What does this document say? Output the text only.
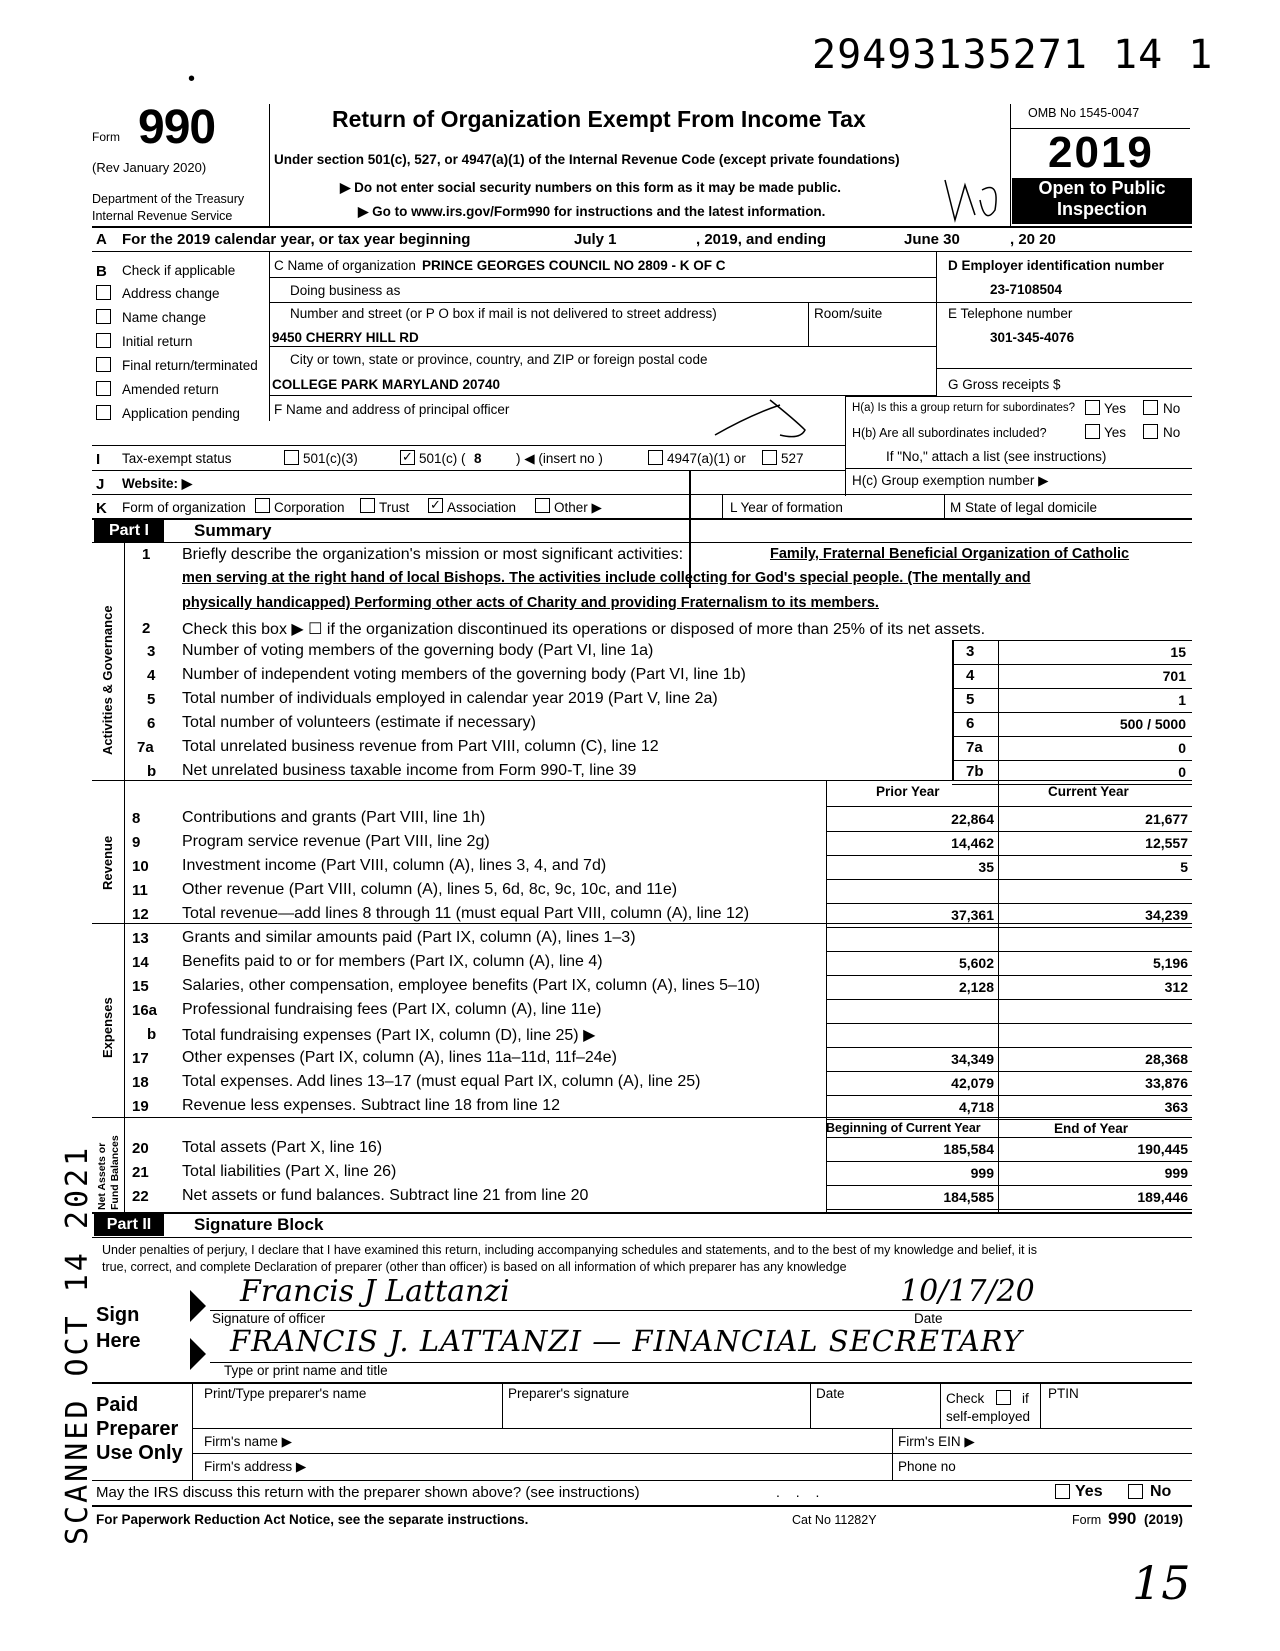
29493135271 14 1
•
Form 990
(Rev January 2020)
Department of the Treasury
Internal Revenue Service
Return of Organization Exempt From Income Tax
Under section 501(c), 527, or 4947(a)(1) of the Internal Revenue Code (except private foundations)
▶ Do not enter social security numbers on this form as it may be made public.
▶ Go to www.irs.gov/Form990 for instructions and the latest information.
OMB No 1545-0047
2019
Open to Public
Inspection
A For the 2019 calendar year, or tax year beginning	July 1	, 2019, and ending	June 30	, 20 20
B Check if applicable
Address change
Name change
Initial return
Final return/terminated
Amended return
Application pending
C Name of organization PRINCE GEORGES COUNCIL NO 2809 - K OF C
Doing business as
Number and street (or P O box if mail is not delivered to street address)	Room/suite
9450 CHERRY HILL RD
City or town, state or province, country, and ZIP or foreign postal code
COLLEGE PARK MARYLAND 20740
F Name and address of principal officer
D Employer identification number
23-7108504
E Telephone number
301-345-4076
G Gross receipts $
H(a) Is this a group return for subordinates? Yes	No
H(b) Are all subordinates included?	Yes	No
If "No," attach a list (see instructions)
H(c) Group exemption number ▶
I Tax-exempt status	501(c)(3)	✓ 501(c) ( 8	) ◀ (insert no )	4947(a)(1) or	527
J Website: ▶
K Form of organization Corporation	Trust ✓ Association	Other ▶	L Year of formation	M State of legal domicile
Part I	Summary
Activities & Governance
Revenue
Expenses
Net Assets or Fund Balances
1 Briefly describe the organization's mission or most significant activities:	Family, Fraternal Beneficial Organization of Catholic
men serving at the right hand of local Bishops. The activities include collecting for God's special people. (The mentally and
physically handicapped) Performing other acts of Charity and providing Fraternalism to its members.
2 Check this box ▶ ☐ if the organization discontinued its operations or disposed of more than 25% of its net assets.
3 Number of voting members of the governing body (Part VI, line 1a)	3	15
4 Number of independent voting members of the governing body (Part VI, line 1b)	4	701
5 Total number of individuals employed in calendar year 2019 (Part V, line 2a)	5	1
6 Total number of volunteers (estimate if necessary)	6	500 / 5000
7a Total unrelated business revenue from Part VIII, column (C), line 12	7a	0
b Net unrelated business taxable income from Form 990-T, line 39	7b	0
Prior Year	Current Year
8	Contributions and grants (Part VIII, line 1h)	22,864	21,677
9	Program service revenue (Part VIII, line 2g)	14,462	12,557
10 Investment income (Part VIII, column (A), lines 3, 4, and 7d)	35	5
11 Other revenue (Part VIII, column (A), lines 5, 6d, 8c, 9c, 10c, and 11e)
12 Total revenue—add lines 8 through 11 (must equal Part VIII, column (A), line 12)	37,361	34,239
13 Grants and similar amounts paid (Part IX, column (A), lines 1–3)
14 Benefits paid to or for members (Part IX, column (A), line 4)	5,602	5,196
15 Salaries, other compensation, employee benefits (Part IX, column (A), lines 5–10)	2,128	312
16a Professional fundraising fees (Part IX, column (A), line 11e)
b Total fundraising expenses (Part IX, column (D), line 25) ▶
17 Other expenses (Part IX, column (A), lines 11a–11d, 11f–24e)	34,349	28,368
18 Total expenses. Add lines 13–17 (must equal Part IX, column (A), line 25)	42,079	33,876
19 Revenue less expenses. Subtract line 18 from line 12	4,718	363
20 Total assets (Part X, line 16)	185,584	190,445
21 Total liabilities (Part X, line 26)	999	999
22 Net assets or fund balances. Subtract line 21 from line 20	184,585	189,446
Beginning of Current Year	End of Year
Part II	Signature Block
Under penalties of perjury, I declare that I have examined this return, including accompanying schedules and statements, and to the best of my knowledge and belief, it is
true, correct, and complete Declaration of preparer (other than officer) is based on all information of which preparer has any knowledge
Sign
Here
Francis J Lattanzi	10/17/20
Signature of officer	Date
FRANCIS J. LATTANZI — FINANCIAL SECRETARY
Type or print name and title
Paid
Preparer
Use Only
Print/Type preparer's name	Preparer's signature	Date	Check	if
self-employed
PTIN
Firm's name ▶	Firm's EIN ▶
Firm's address ▶	Phone no
May the IRS discuss this return with the preparer shown above? (see instructions)	. . .	Yes	No
For Paperwork Reduction Act Notice, see the separate instructions.	Cat No 11282Y	Form 990 (2019)
SCANNED OCT 14 2021
15
